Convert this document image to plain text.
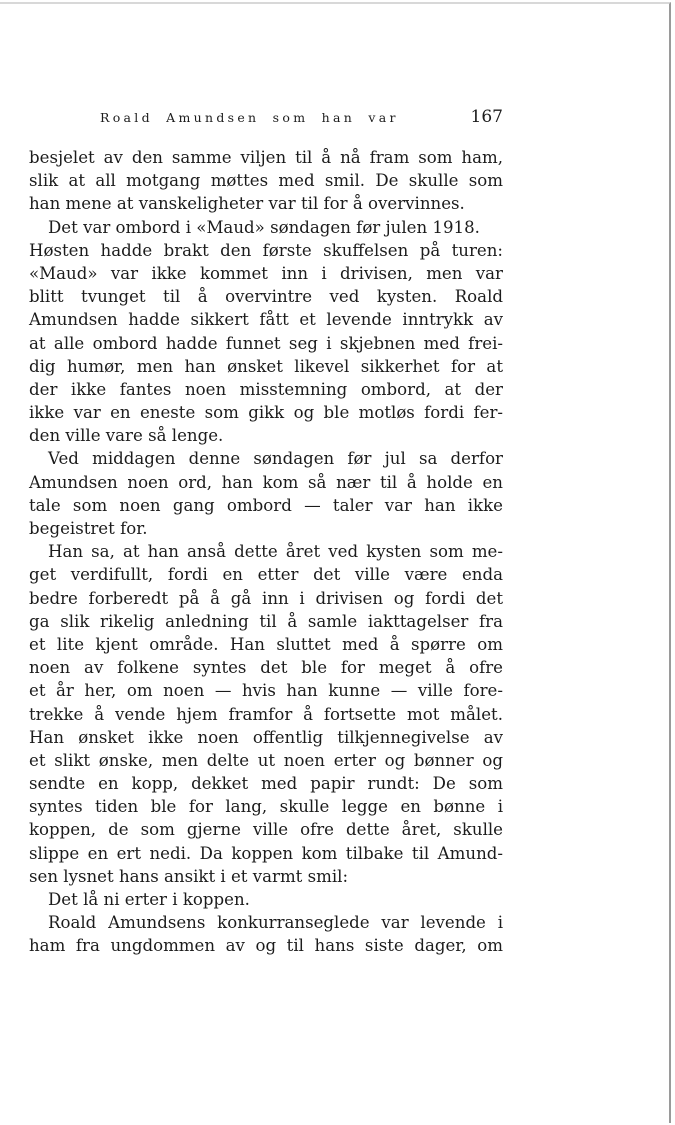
Roald Amundsen som han var	167
besjelet av den samme viljen til å nå fram som ham,
slik at all motgang møttes med smil. De skulle som
han mene at vanskeligheter var til for å overvinnes.
Det var ombord i «Maud» søndagen før julen 1918.
Høsten hadde brakt den første skuffelsen på turen:
«Maud» var ikke kommet inn i drivisen, men var
blitt tvunget til å overvintre ved kysten. Roald
Amundsen hadde sikkert fått et levende inntrykk av
at alle ombord hadde funnet seg i skjebnen med frei-
dig humør, men han ønsket likevel sikkerhet for at
der ikke fantes noen misstemning ombord, at der
ikke var en eneste som gikk og ble motløs fordi fer-
den ville vare så lenge.
Ved middagen denne søndagen før jul sa derfor
Amundsen noen ord, han kom så nær til å holde en
tale som noen gang ombord — taler var han ikke
begeistret for.
Han sa, at han anså dette året ved kysten som me-
get verdifullt, fordi en etter det ville være enda
bedre forberedt på å gå inn i drivisen og fordi det
ga slik rikelig anledning til å samle iakttagelser fra
et lite kjent område. Han sluttet med å spørre om
noen av folkene syntes det ble for meget å ofre
et år her, om noen — hvis han kunne — ville fore-
trekke å vende hjem framfor å fortsette mot målet.
Han ønsket ikke noen offentlig tilkjennegivelse av
et slikt ønske, men delte ut noen erter og bønner og
sendte en kopp, dekket med papir rundt: De som
syntes tiden ble for lang, skulle legge en bønne i
koppen, de som gjerne ville ofre dette året, skulle
slippe en ert nedi. Da koppen kom tilbake til Amund-
sen lysnet hans ansikt i et varmt smil:
Det lå ni erter i koppen.
Roald Amundsens konkurranseglede var levende i
ham fra ungdommen av og til hans siste dager, om
